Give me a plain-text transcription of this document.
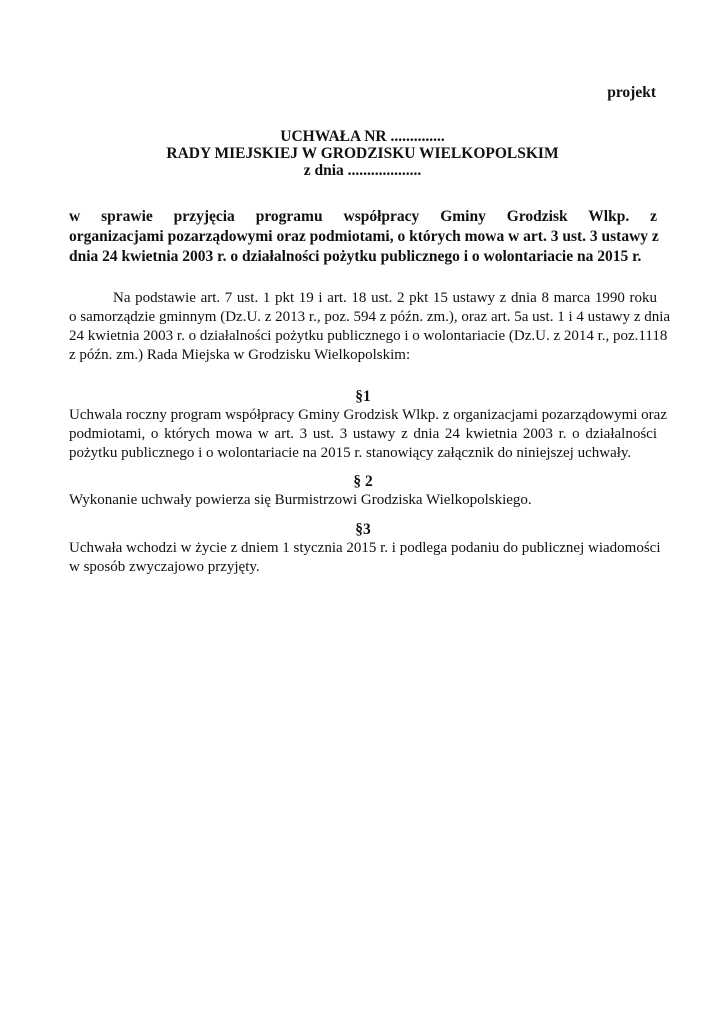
projekt
UCHWAŁA NR ..............
RADY MIEJSKIEJ W GRODZISKU WIELKOPOLSKIM
z dnia ...................
w sprawie przyjęcia programu współpracy Gminy Grodzisk Wlkp. z
organizacjami pozarządowymi oraz podmiotami, o których mowa w art. 3 ust. 3 ustawy z
dnia 24 kwietnia 2003 r. o działalności pożytku publicznego i o wolontariacie na 2015 r.
Na podstawie art. 7 ust. 1 pkt 19 i art. 18 ust. 2 pkt 15 ustawy z dnia 8 marca 1990 roku
o samorządzie gminnym (Dz.U. z 2013 r., poz. 594 z późn. zm.), oraz art. 5a ust. 1 i 4 ustawy z dnia
24 kwietnia 2003 r. o działalności pożytku publicznego i o wolontariacie (Dz.U. z 2014 r., poz.1118
z późn. zm.) Rada Miejska w Grodzisku Wielkopolskim:
§1
Uchwala roczny program współpracy Gminy Grodzisk Wlkp. z organizacjami pozarządowymi oraz
podmiotami, o których mowa w art. 3 ust. 3 ustawy z dnia 24 kwietnia 2003 r. o działalności
pożytku publicznego i o wolontariacie na 2015 r. stanowiący załącznik do niniejszej uchwały.
§ 2
Wykonanie uchwały powierza się Burmistrzowi Grodziska Wielkopolskiego.
§3
Uchwała wchodzi w życie z dniem 1 stycznia 2015 r. i podlega podaniu do publicznej wiadomości
w sposób zwyczajowo przyjęty.
